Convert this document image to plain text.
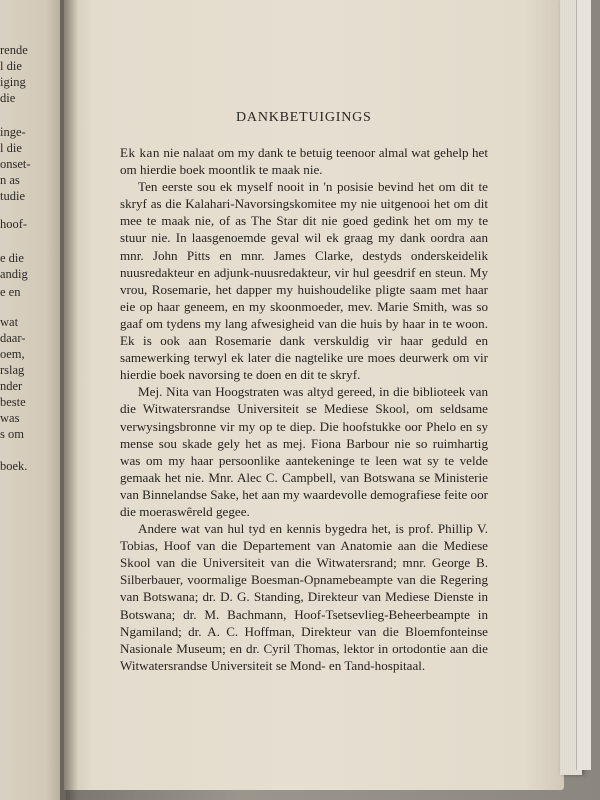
rende

l die

iging

die

inge-

l die

onset-

n as

tudie

hoof-

e die

andig

e en

wat

daar-

oem,

rslag

nder

beste

was

s om

boek.

DANKBETUIGINGS

Ek kan nie nalaat om my dank te betuig teenoor almal wat gehelp het om hierdie boek moontlik te maak nie.

Ten eerste sou ek myself nooit in 'n posisie bevind het om dit te skryf as die Kalahari-Navorsingskomitee my nie uitgenooi het om dit mee te maak nie, of as The Star dit nie goed gedink het om my te stuur nie. In laasgenoemde geval wil ek graag my dank oordra aan mnr. John Pitts en mnr. James Clarke, destyds onderskeidelik nuusredakteur en adjunk-nuusredakteur, vir hul geesdrif en steun. My vrou, Rosemarie, het dapper my huishoudelike pligte saam met haar eie op haar geneem, en my skoonmoeder, mev. Marie Smith, was so gaaf om tydens my lang afwesigheid van die huis by haar in te woon. Ek is ook aan Rosemarie dank verskuldig vir haar geduld en samewerking terwyl ek later die nagtelike ure moes deurwerk om vir hierdie boek navorsing te doen en dit te skryf.

Mej. Nita van Hoogstraten was altyd gereed, in die biblioteek van die Witwatersrandse Universiteit se Mediese Skool, om seldsame verwysingsbronne vir my op te diep. Die hoofstukke oor Phelo en sy mense sou skade gely het as mej. Fiona Barbour nie so ruimhartig was om my haar persoonlike aantekeninge te leen wat sy te velde gemaak het nie. Mnr. Alec C. Campbell, van Botswana se Ministerie van Binnelandse Sake, het aan my waardevolle demografiese feite oor die moeraswêreld gegee.

Andere wat van hul tyd en kennis bygedra het, is prof. Phillip V. Tobias, Hoof van die Departement van Anatomie aan die Mediese Skool van die Universiteit van die Witwatersrand; mnr. George B. Silberbauer, voormalige Boesman-Opnamebeampte van die Regering van Botswana; dr. D. G. Standing, Direkteur van Mediese Dienste in Botswana; dr. M. Bachmann, Hoof-Tsetsevlieg-Beheerbeampte in Ngamiland; dr. A. C. Hoffman, Direkteur van die Bloemfonteinse Nasionale Museum; en dr. Cyril Thomas, lektor in ortodontie aan die Witwatersrandse Universiteit se Mond- en Tand-hospitaal.
